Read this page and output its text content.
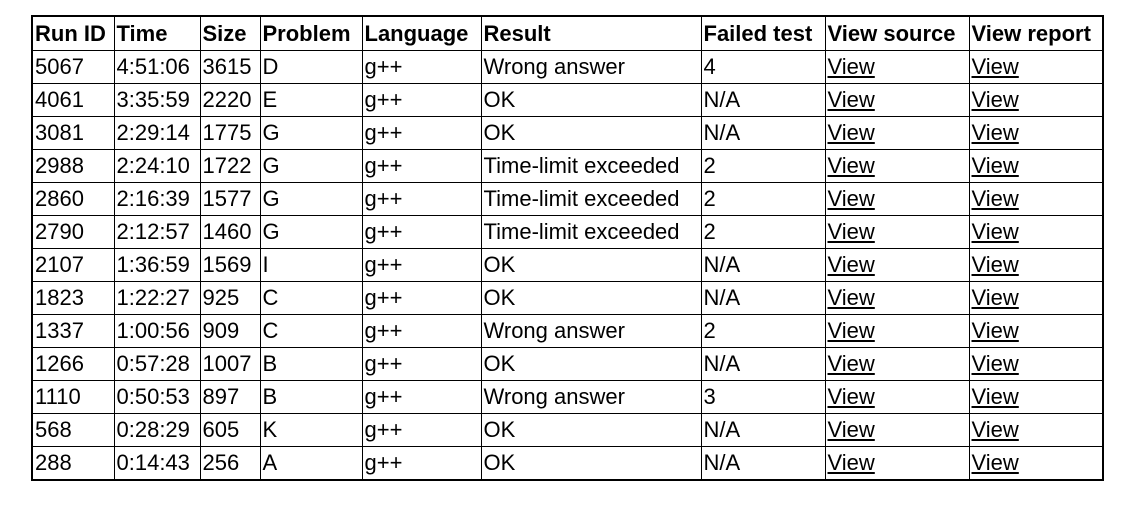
Run ID	Time	Size	Problem	Language	Result	Failed test	View source	View report
5067	4:51:06	3615	D	g++	Wrong answer	4	View	View
4061	3:35:59	2220	E	g++	OK	N/A	View	View
3081	2:29:14	1775	G	g++	OK	N/A	View	View
2988	2:24:10	1722	G	g++	Time-limit exceeded	2	View	View
2860	2:16:39	1577	G	g++	Time-limit exceeded	2	View	View
2790	2:12:57	1460	G	g++	Time-limit exceeded	2	View	View
2107	1:36:59	1569	I	g++	OK	N/A	View	View
1823	1:22:27	925	C	g++	OK	N/A	View	View
1337	1:00:56	909	C	g++	Wrong answer	2	View	View
1266	0:57:28	1007	B	g++	OK	N/A	View	View
1110	0:50:53	897	B	g++	Wrong answer	3	View	View
568	0:28:29	605	K	g++	OK	N/A	View	View
288	0:14:43	256	A	g++	OK	N/A	View	View
